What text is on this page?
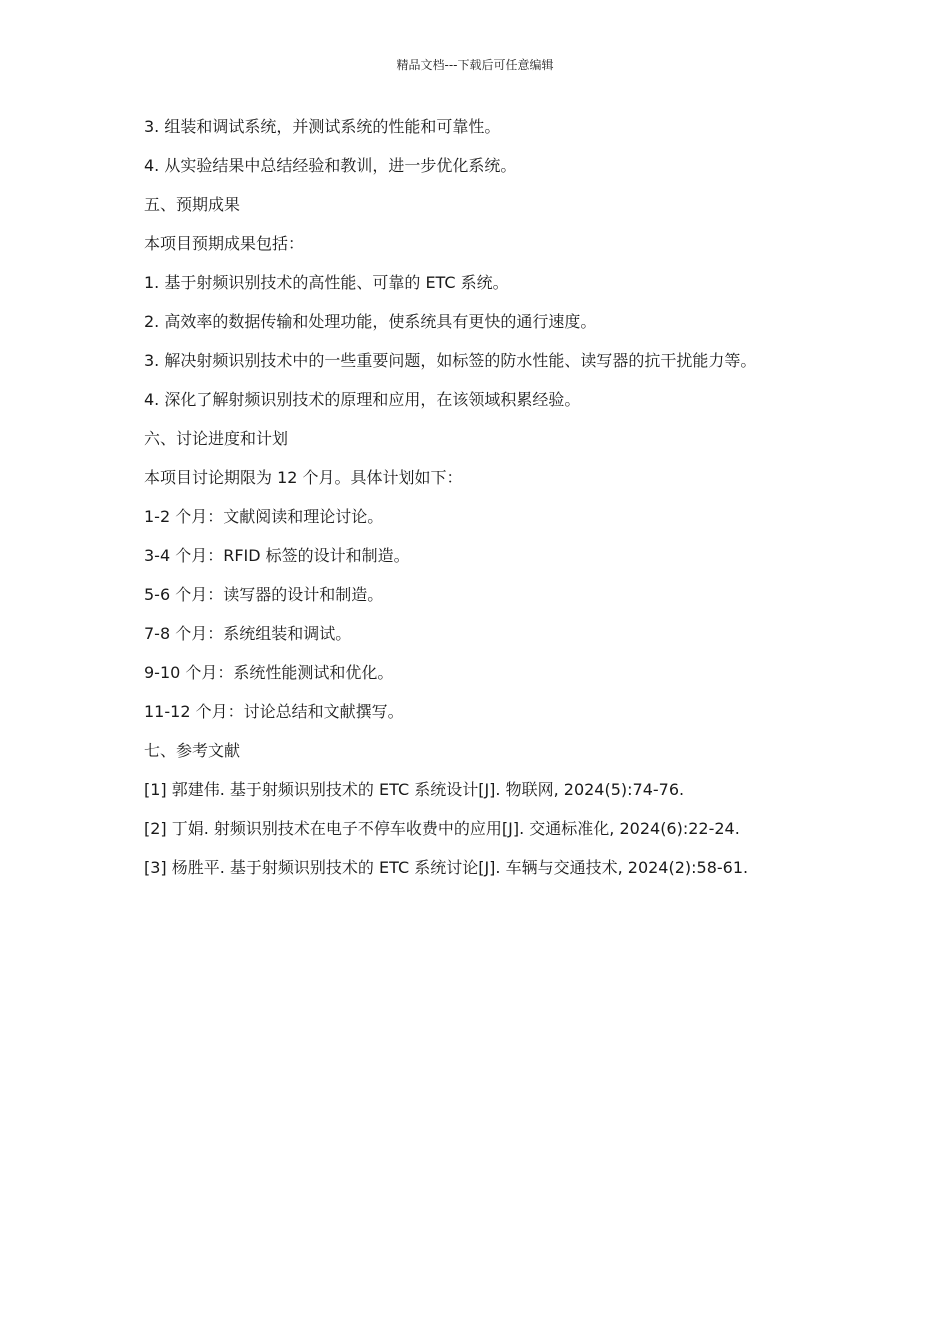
精品文档---下载后可任意编辑
3. 组装和调试系统，并测试系统的性能和可靠性。
4. 从实验结果中总结经验和教训，进一步优化系统。
五、预期成果
本项目预期成果包括：
1. 基于射频识别技术的高性能、可靠的 ETC 系统。
2. 高效率的数据传输和处理功能，使系统具有更快的通行速度。
3. 解决射频识别技术中的一些重要问题，如标签的防水性能、读写器的抗干扰能力等。
4. 深化了解射频识别技术的原理和应用，在该领域积累经验。
六、讨论进度和计划
本项目讨论期限为 12 个月。具体计划如下：
1-2 个月：文献阅读和理论讨论。
3-4 个月：RFID 标签的设计和制造。
5-6 个月：读写器的设计和制造。
7-8 个月：系统组装和调试。
9-10 个月：系统性能测试和优化。
11-12 个月：讨论总结和文献撰写。
七、参考文献
[1] 郭建伟. 基于射频识别技术的 ETC 系统设计[J]. 物联网, 2024(5):74-76.
[2] 丁娟. 射频识别技术在电子不停车收费中的应用[J]. 交通标准化, 2024(6):22-24.
[3] 杨胜平. 基于射频识别技术的 ETC 系统讨论[J]. 车辆与交通技术, 2024(2):58-61.
